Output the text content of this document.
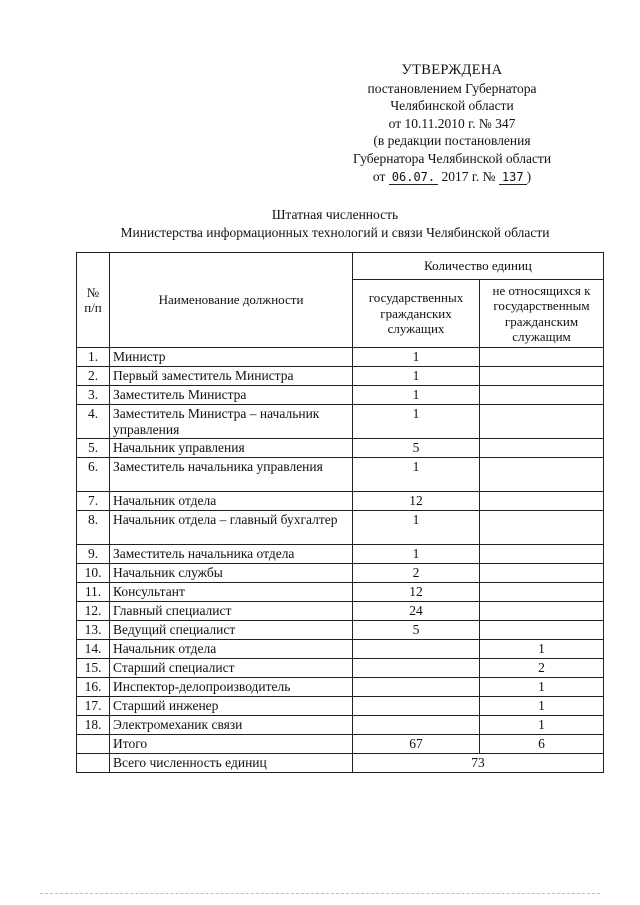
УТВЕРЖДЕНА
постановлением Губернатора
Челябинской области
от 10.11.2010 г. № 347
(в редакции постановления
Губернатора Челябинской области
от 06.07. 2017 г. № 137 )
Штатная численность
Министерства информационных технологий и связи Челябинской области
№ п/п	Наименование должности	Количество единиц	
		государственных гражданских служащих	не относящихся к государственным гражданским служащим
1.	Министр	1	
2.	Первый заместитель Министра	1	
3.	Заместитель Министра	1	
4.	Заместитель Министра – начальник управления	1	
5.	Начальник управления	5	
6.	Заместитель начальника управления	1	
7.	Начальник отдела	12	
8.	Начальник отдела – главный бухгалтер	1	
9.	Заместитель начальника отдела	1	
10.	Начальник службы	2	
11.	Консультант	12	
12.	Главный специалист	24	
13.	Ведущий специалист	5	
14.	Начальник отдела		1
15.	Старший специалист		2
16.	Инспектор-делопроизводитель		1
17.	Старший инженер		1
18.	Электромеханик связи		1
	Итого	67	6
	Всего численность единиц	73	
